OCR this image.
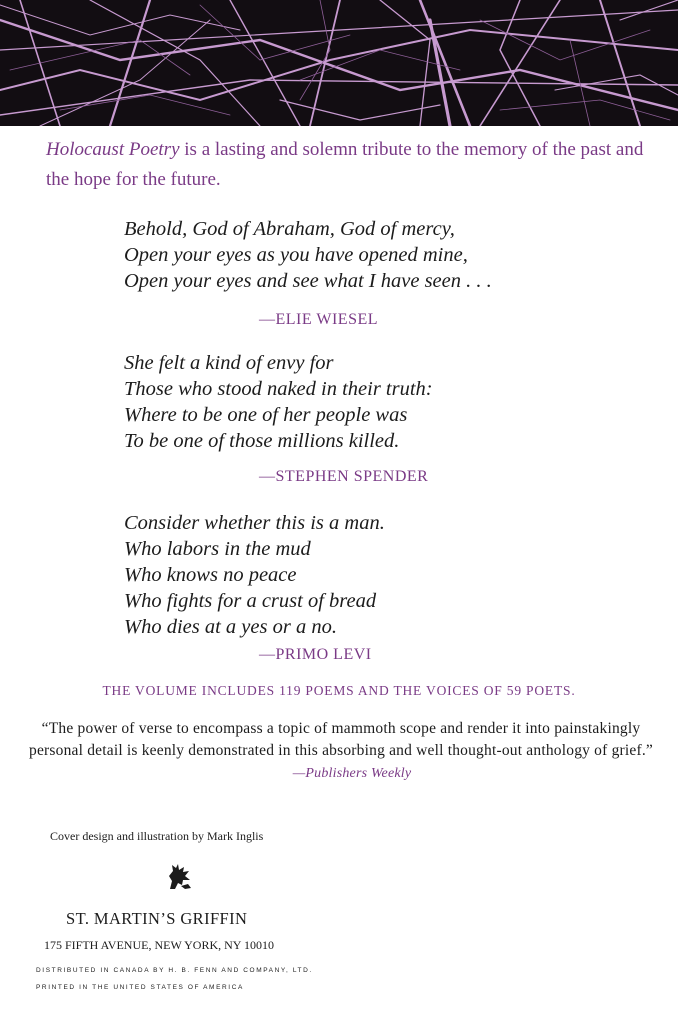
Holocaust Poetry is a lasting and solemn tribute to the memory of the past and the hope for the future.
Behold, God of Abraham, God of mercy,
Open your eyes as you have opened mine,
Open your eyes and see what I have seen . . .
—ELIE WIESEL
She felt a kind of envy for
Those who stood naked in their truth:
Where to be one of her people was
To be one of those millions killed.
—STEPHEN SPENDER
Consider whether this is a man.
Who labors in the mud
Who knows no peace
Who fights for a crust of bread
Who dies at a yes or a no.
—PRIMO LEVI
THE VOLUME INCLUDES 119 POEMS AND THE VOICES OF 59 POETS.
“The power of verse to encompass a topic of mammoth scope and render it into painstakingly personal detail is keenly demonstrated in this absorbing and well thought-out anthology of grief.” —Publishers Weekly
Cover design and illustration by Mark Inglis
ST. MARTIN’S GRIFFIN
175 FIFTH AVENUE, NEW YORK, NY 10010
DISTRIBUTED IN CANADA BY H. B. FENN AND COMPANY, LTD.
PRINTED IN THE UNITED STATES OF AMERICA
